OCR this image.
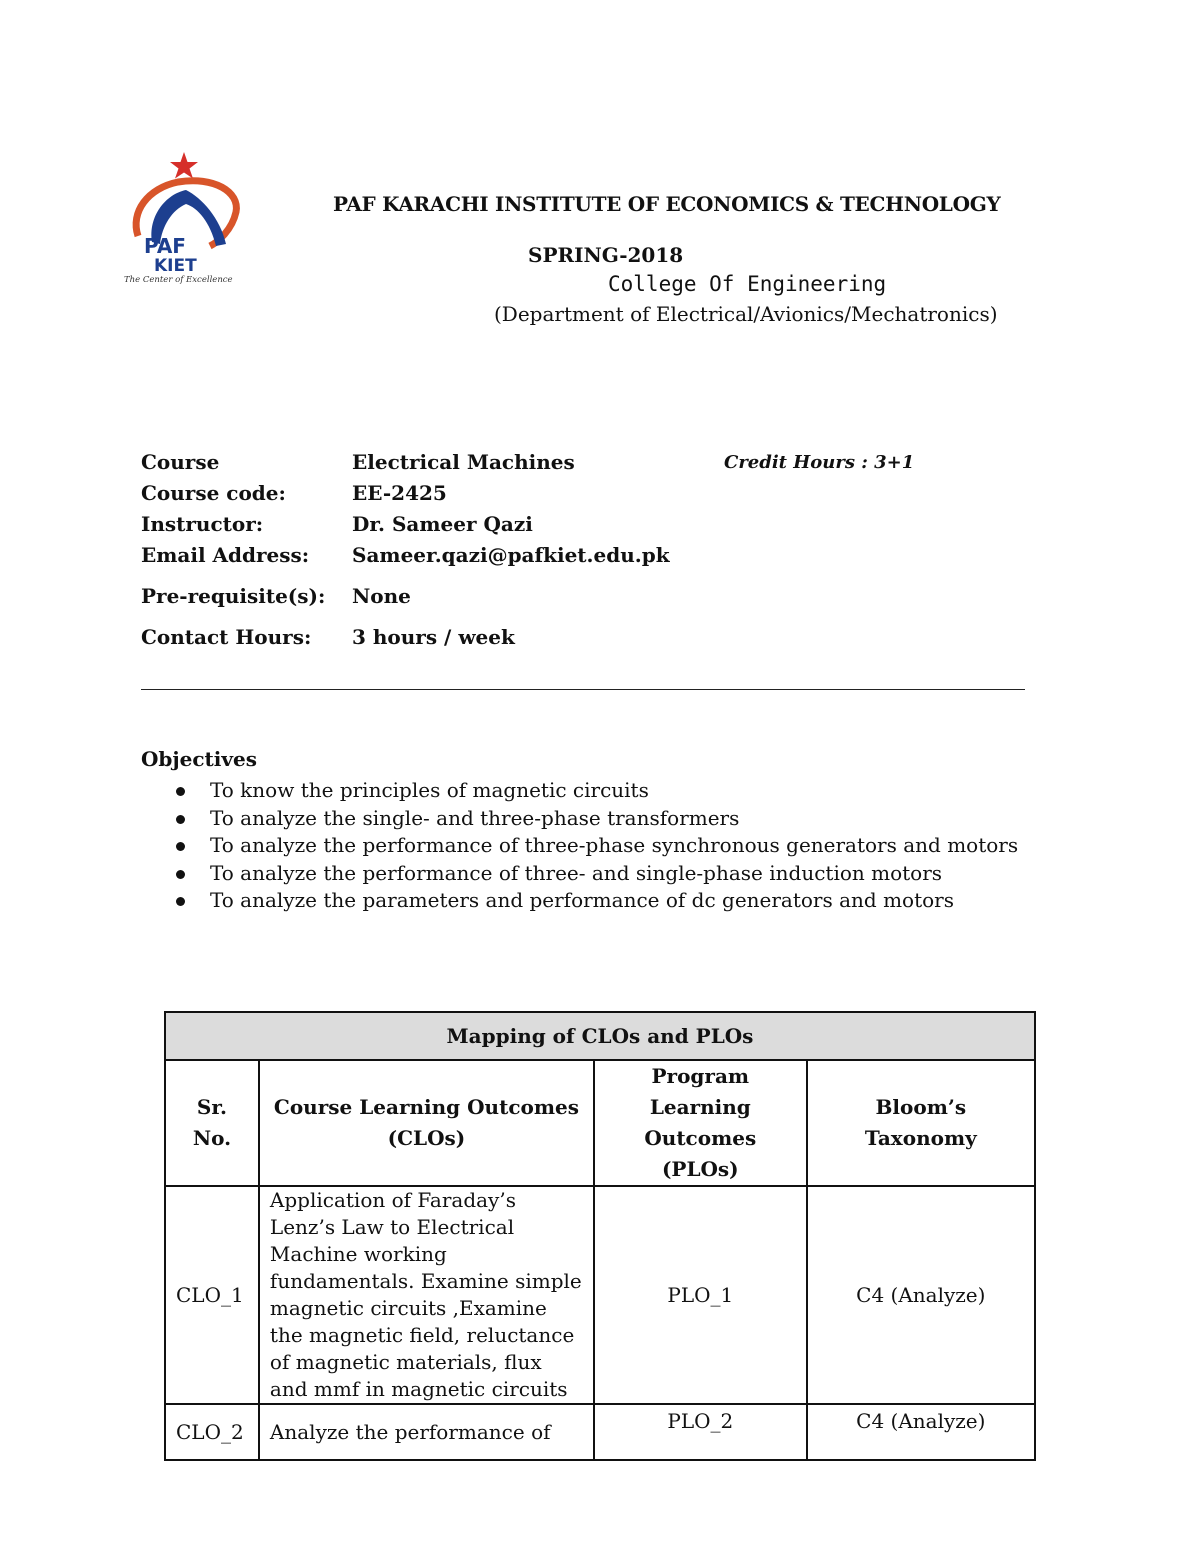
PAF
KIET
The Center of Excellence
PAF KARACHI INSTITUTE OF ECONOMICS & TECHNOLOGY
SPRING-2018
College Of Engineering
(Department of Electrical/Avionics/Mechatronics)
Course	Electrical Machines	Credit Hours : 3+1
Course code:	EE-2425
Instructor:	Dr. Sameer Qazi
Email Address: Sameer.qazi@pafkiet.edu.pk
Pre-requisite(s): None
Contact Hours: 3 hours / week
Objectives
To know the principles of magnetic circuits
To analyze the single- and three-phase transformers
To analyze the performance of three-phase synchronous generators and motors
To analyze the performance of three- and single-phase induction motors
To analyze the parameters and performance of dc generators and motors
Mapping of CLOs and PLOs			
Sr. No.	Course Learning Outcomes (CLOs)	Program Learning Outcomes (PLOs)	Bloom’s Taxonomy
CLO_1	Application of Faraday’s Lenz’s Law to Electrical Machine working fundamentals. Examine simple magnetic circuits ,Examine the magnetic field, reluctance of magnetic materials, flux and mmf in magnetic circuits	PLO_1	C4 (Analyze)
CLO_2	Analyze the performance of	PLO_2	C4 (Analyze)
